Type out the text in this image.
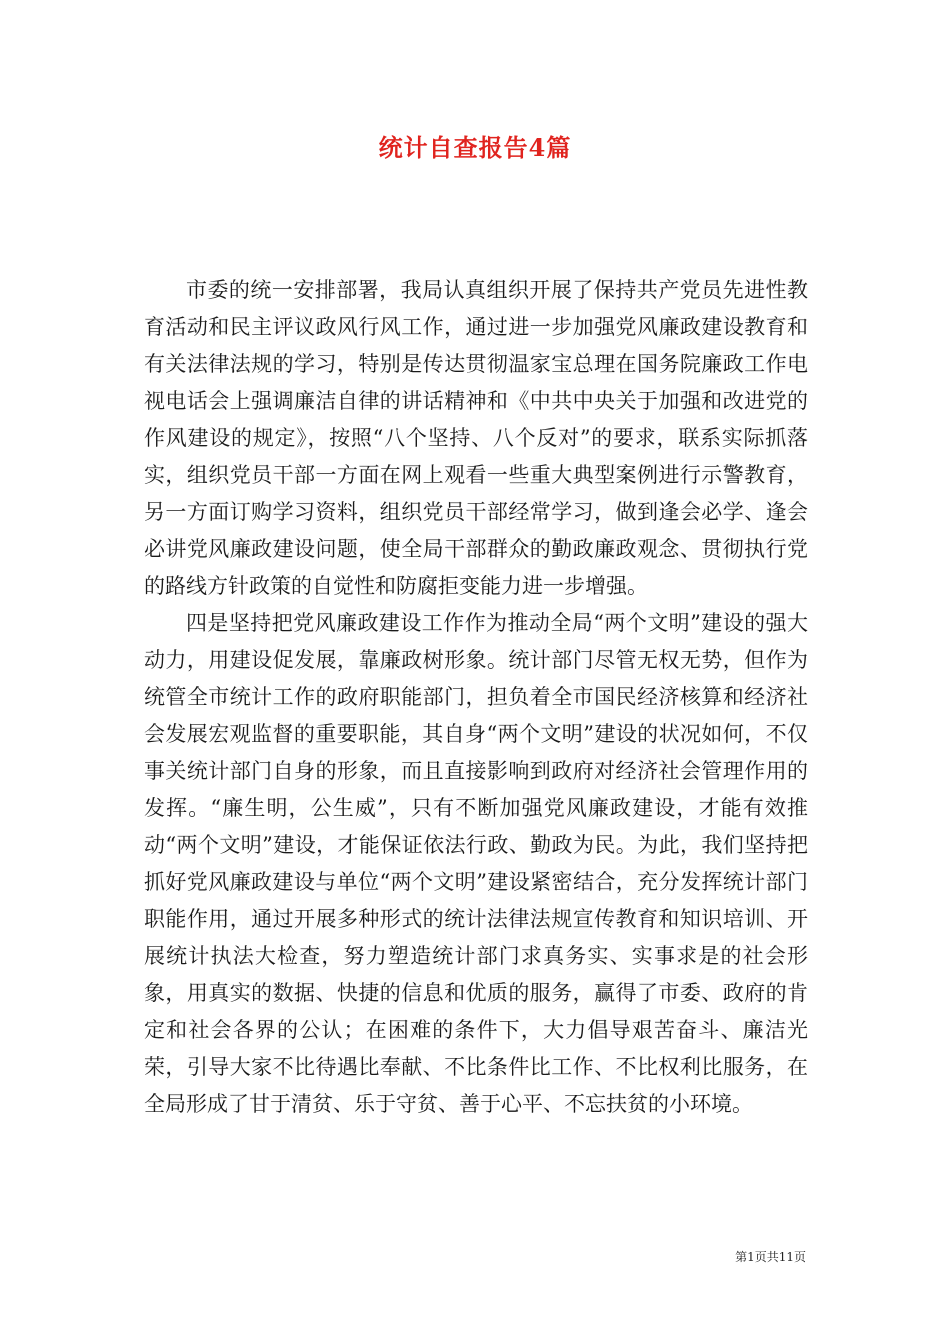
统计自查报告4篇

市委的统一安排部署，我局认真组织开展了保持共产党员先进性教育活动和民主评议政风行风工作，通过进一步加强党风廉政建设教育和有关法律法规的学习，特别是传达贯彻温家宝总理在国务院廉政工作电视电话会上强调廉洁自律的讲话精神和《中共中央关于加强和改进党的作风建设的规定》，按照“八个坚持、八个反对”的要求，联系实际抓落实，组织党员干部一方面在网上观看一些重大典型案例进行示警教育，另一方面订购学习资料，组织党员干部经常学习，做到逢会必学、逢会必讲党风廉政建设问题，使全局干部群众的勤政廉政观念、贯彻执行党的路线方针政策的自觉性和防腐拒变能力进一步增强。

四是坚持把党风廉政建设工作作为推动全局“两个文明”建设的强大动力，用建设促发展，靠廉政树形象。统计部门尽管无权无势，但作为统管全市统计工作的政府职能部门，担负着全市国民经济核算和经济社会发展宏观监督的重要职能，其自身“两个文明”建设的状况如何，不仅事关统计部门自身的形象，而且直接影响到政府对经济社会管理作用的发挥。“廉生明，公生威”，只有不断加强党风廉政建设，才能有效推动“两个文明”建设，才能保证依法行政、勤政为民。为此，我们坚持把抓好党风廉政建设与单位“两个文明”建设紧密结合，充分发挥统计部门职能作用，通过开展多种形式的统计法律法规宣传教育和知识培训、开展统计执法大检查，努力塑造统计部门求真务实、实事求是的社会形象，用真实的数据、快捷的信息和优质的服务，赢得了市委、政府的肯定和社会各界的公认；在困难的条件下，大力倡导艰苦奋斗、廉洁光荣，引导大家不比待遇比奉献、不比条件比工作、不比权利比服务，在全局形成了甘于清贫、乐于守贫、善于心平、不忘扶贫的小环境。

第1页共11页
